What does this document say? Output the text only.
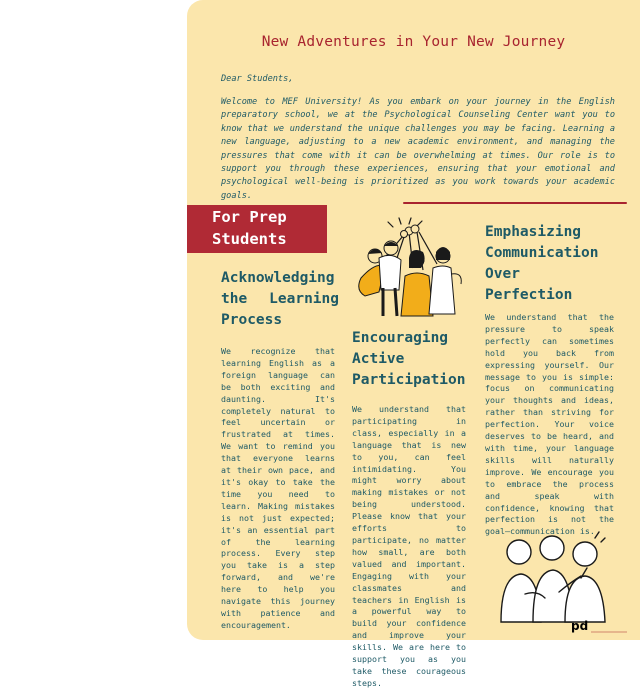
New Adventures in Your New Journey
Dear Students,
Welcome to MEF University! As you embark on your journey in the English preparatory school, we at the Psychological Counseling Center want you to know that we understand the unique challenges you may be facing. Learning a new language, adjusting to a new academic environment, and managing the pressures that come with it can be overwhelming at times. Our role is to support you through these experiences, ensuring that your emotional and psychological well-being is prioritized as you work towards your academic goals.
For Prep Students
Acknowledging the Learning Process
We recognize that learning English as a foreign language can be both exciting and daunting. It's completely natural to feel uncertain or frustrated at times. We want to remind you that everyone learns at their own pace, and it's okay to take the time you need to learn. Making mistakes is not just expected; it's an essential part of the learning process. Every step you take is a step forward, and we're here to help you navigate this journey with patience and encouragement.
Encouraging Active Participation
We understand that participating in class, especially in a language that is new to you, can feel intimidating. You might worry about making mistakes or not being understood. Please know that your efforts to participate, no matter how small, are both valued and important. Engaging with your classmates and teachers in English is a powerful way to build your confidence and improve your skills. We are here to support you as you take these courageous steps.
Emphasizing Communication Over Perfection
We understand that the pressure to speak perfectly can sometimes hold you back from expressing yourself. Our message to you is simple: focus on communicating your thoughts and ideas, rather than striving for perfection. Your voice deserves to be heard, and with time, your language skills will naturally improve. We encourage you to embrace the process and speak with confidence, knowing that perfection is not the goal—communication is.
pd
